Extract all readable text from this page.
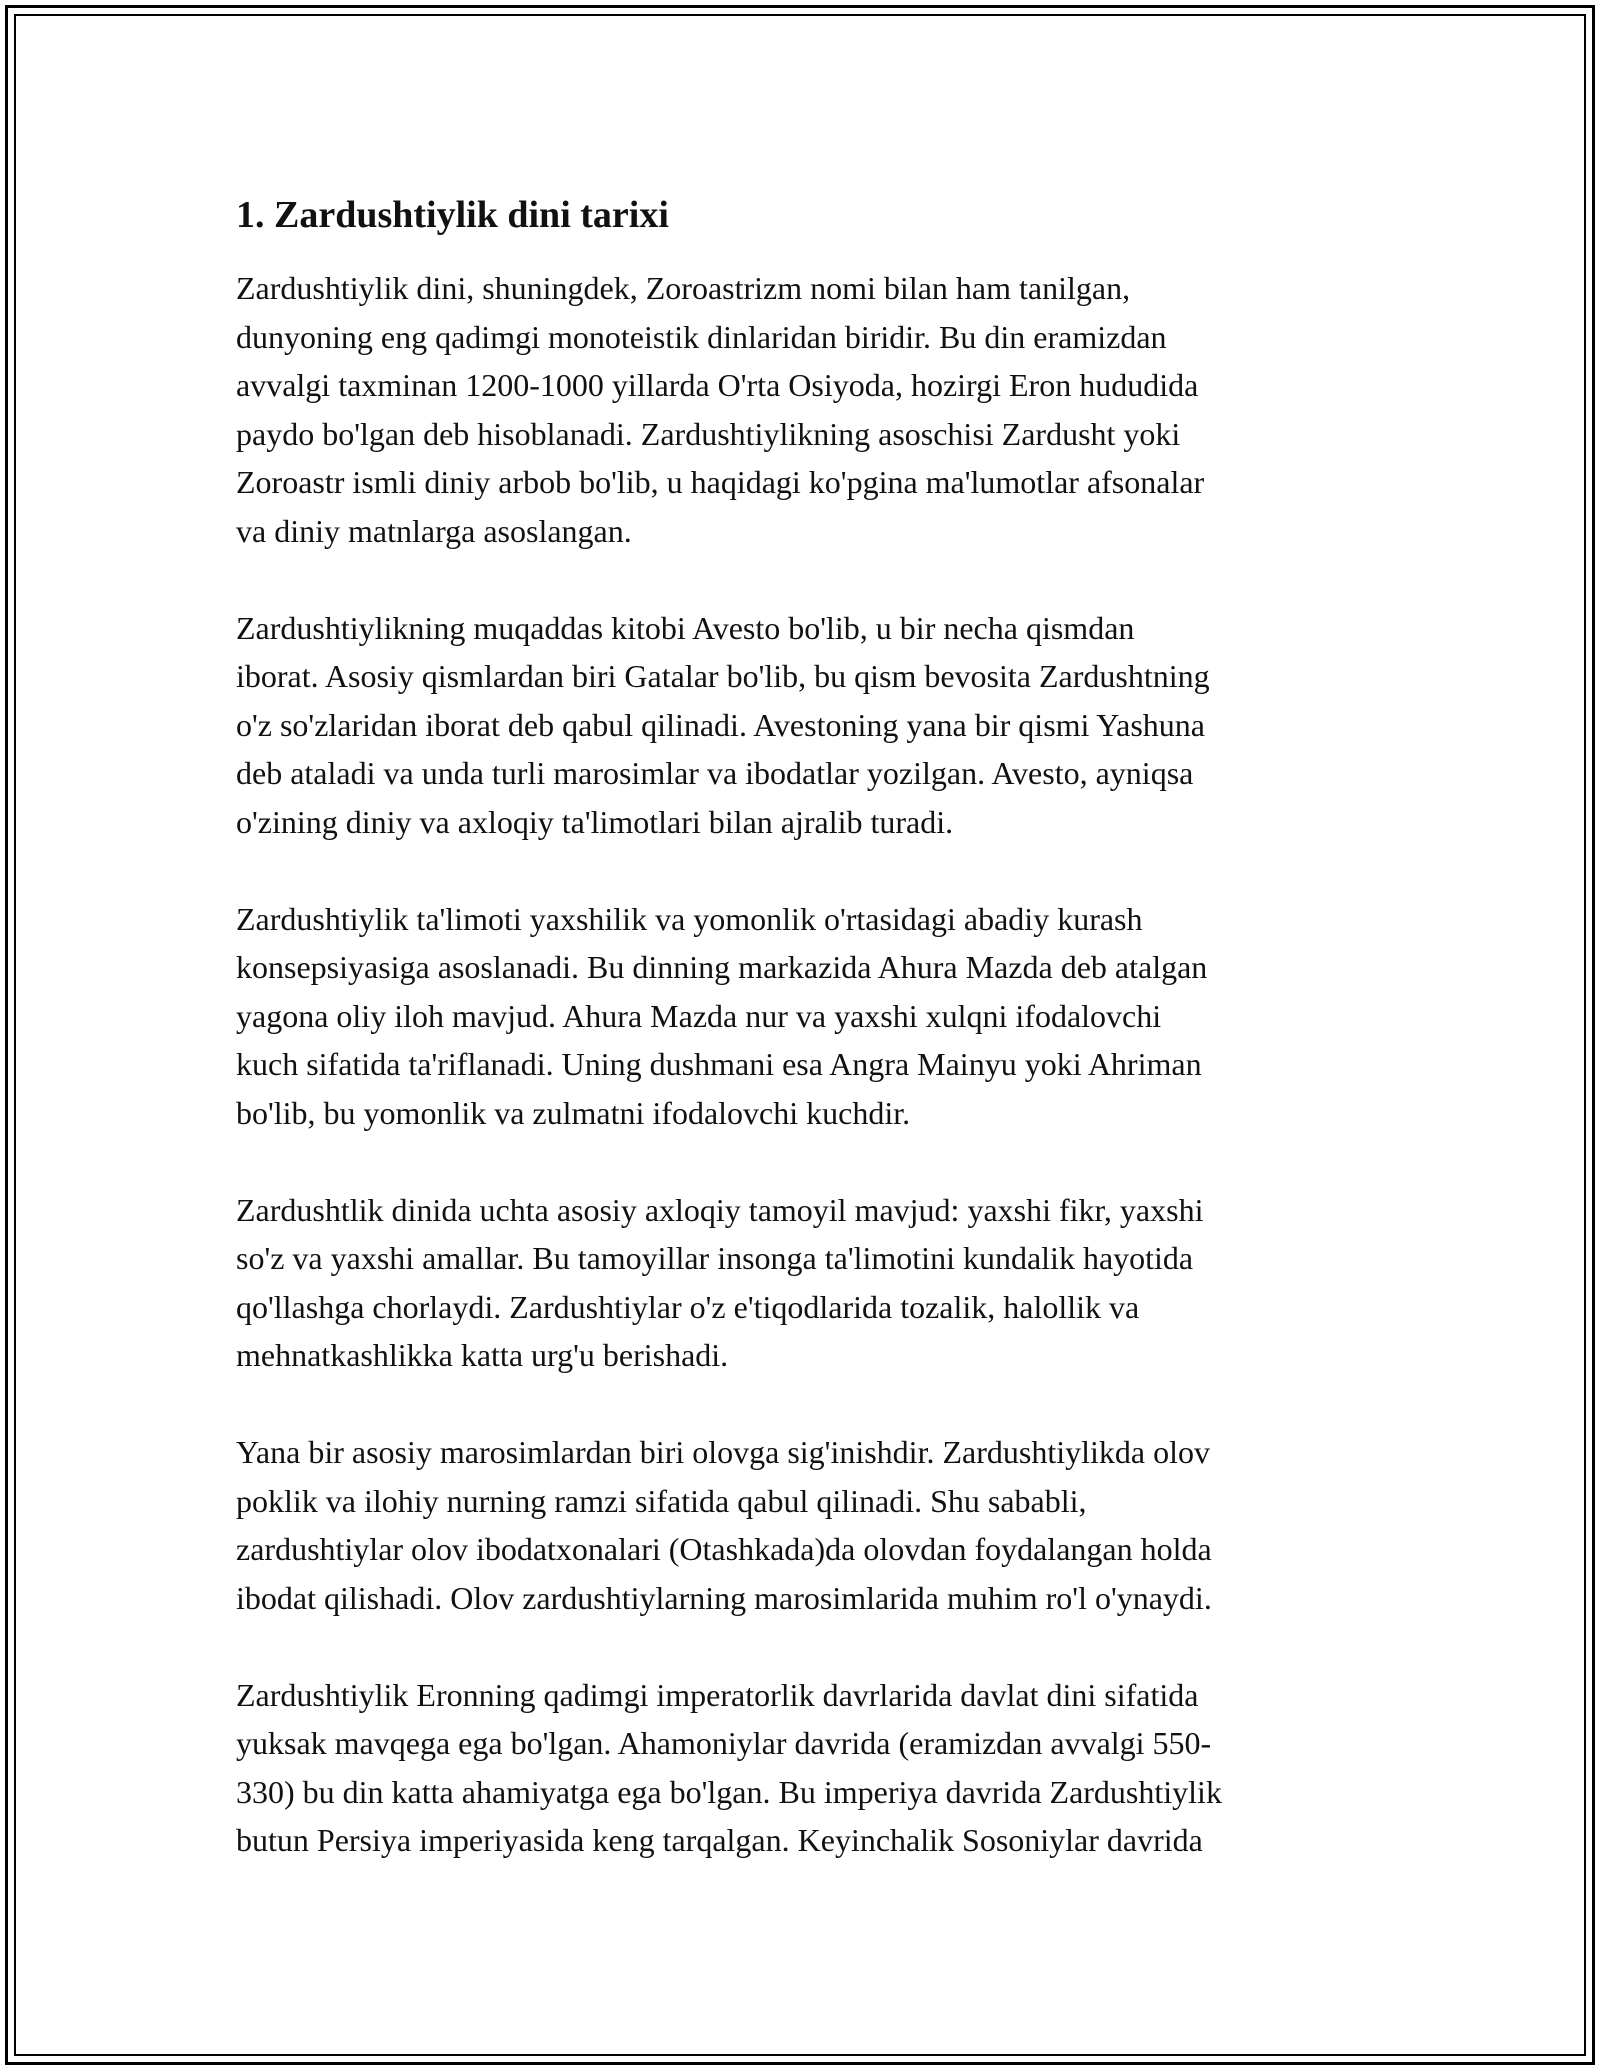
1. Zardushtiylik dini tarixi

Zardushtiylik dini, shuningdek, Zoroastrizm nomi bilan ham tanilgan,
dunyoning eng qadimgi monoteistik dinlaridan biridir. Bu din eramizdan
avvalgi taxminan 1200-1000 yillarda O'rta Osiyoda, hozirgi Eron hududida
paydo bo'lgan deb hisoblanadi. Zardushtiylikning asoschisi Zardusht yoki
Zoroastr ismli diniy arbob bo'lib, u haqidagi ko'pgina ma'lumotlar afsonalar
va diniy matnlarga asoslangan.

Zardushtiylikning muqaddas kitobi Avesto bo'lib, u bir necha qismdan
iborat. Asosiy qismlardan biri Gatalar bo'lib, bu qism bevosita Zardushtning
o'z so'zlaridan iborat deb qabul qilinadi. Avestoning yana bir qismi Yashuna
deb ataladi va unda turli marosimlar va ibodatlar yozilgan. Avesto, ayniqsa
o'zining diniy va axloqiy ta'limotlari bilan ajralib turadi.

Zardushtiylik ta'limoti yaxshilik va yomonlik o'rtasidagi abadiy kurash
konsepsiyasiga asoslanadi. Bu dinning markazida Ahura Mazda deb atalgan
yagona oliy iloh mavjud. Ahura Mazda nur va yaxshi xulqni ifodalovchi
kuch sifatida ta'riflanadi. Uning dushmani esa Angra Mainyu yoki Ahriman
bo'lib, bu yomonlik va zulmatni ifodalovchi kuchdir.

Zardushtlik dinida uchta asosiy axloqiy tamoyil mavjud: yaxshi fikr, yaxshi
so'z va yaxshi amallar. Bu tamoyillar insonga ta'limotini kundalik hayotida
qo'llashga chorlaydi. Zardushtiylar o'z e'tiqodlarida tozalik, halollik va
mehnatkashlikka katta urg'u berishadi.

Yana bir asosiy marosimlardan biri olovga sig'inishdir. Zardushtiylikda olov
poklik va ilohiy nurning ramzi sifatida qabul qilinadi. Shu sababli,
zardushtiylar olov ibodatxonalari (Otashkada)da olovdan foydalangan holda
ibodat qilishadi. Olov zardushtiylarning marosimlarida muhim ro'l o'ynaydi.

Zardushtiylik Eronning qadimgi imperatorlik davrlarida davlat dini sifatida
yuksak mavqega ega bo'lgan. Ahamoniylar davrida (eramizdan avvalgi 550-
330) bu din katta ahamiyatga ega bo'lgan. Bu imperiya davrida Zardushtiylik
butun Persiya imperiyasida keng tarqalgan. Keyinchalik Sosoniylar davrida
